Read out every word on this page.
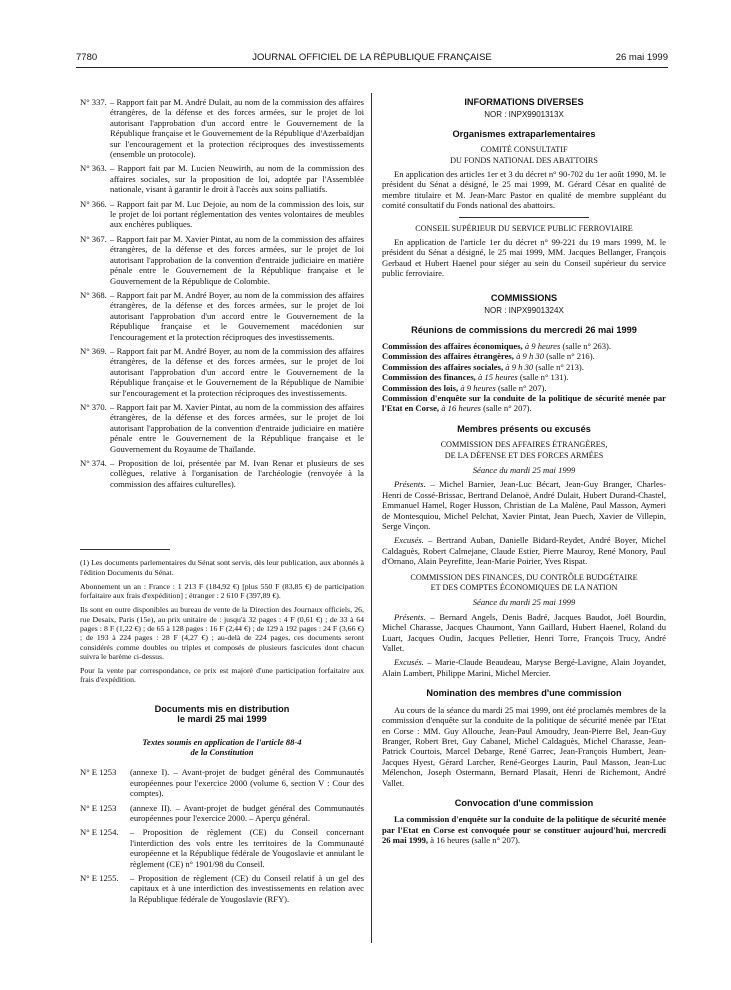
7780	JOURNAL OFFICIEL DE LA RÉPUBLIQUE FRANÇAISE	26 mai 1999
N° 337. – Rapport fait par M. André Dulait, au nom de la commission des affaires étrangères, de la défense et des forces armées, sur le projet de loi autorisant l'approbation d'un accord entre le Gouvernement de la République française et le Gouvernement de la République d'Azerbaïdjan sur l'encouragement et la protection réciproques des investissements (ensemble un protocole).
N° 363. – Rapport fait par M. Lucien Neuwirth, au nom de la commission des affaires sociales, sur la proposition de loi, adoptée par l'Assemblée nationale, visant à garantir le droit à l'accès aux soins palliatifs.
N° 366. – Rapport fait par M. Luc Dejoie, au nom de la commission des lois, sur le projet de loi portant réglementation des ventes volontaires de meubles aux enchères publiques.
N° 367. – Rapport fait par M. Xavier Pintat, au nom de la commission des affaires étrangères, de la défense et des forces armées, sur le projet de loi autorisant l'approbation de la convention d'entraide judiciaire en matière pénale entre le Gouvernement de la République française et le Gouvernement de la République de Colombie.
N° 368. – Rapport fait par M. André Boyer, au nom de la commission des affaires étrangères, de la défense et des forces armées, sur le projet de loi autorisant l'approbation d'un accord entre le Gouvernement de la République française et le Gouvernement macédonien sur l'encouragement et la protection réciproques des investissements.
N° 369. – Rapport fait par M. André Boyer, au nom de la commission des affaires étrangères, de la défense et des forces armées, sur le projet de loi autorisant l'approbation d'un accord entre le Gouvernement de la République française et le Gouvernement de la République de Namibie sur l'encouragement et la protection réciproques des investissements.
N° 370. – Rapport fait par M. Xavier Pintat, au nom de la commission des affaires étrangères, de la défense et des forces armées, sur le projet de loi autorisant l'approbation de la convention d'entraide judiciaire en matière pénale entre le Gouvernement de la République française et le Gouvernement du Royaume de Thaïlande.
N° 374. – Proposition de loi, présentée par M. Ivan Renar et plusieurs de ses collègues, relative à l'organisation de l'archéologie (renvoyée à la commission des affaires culturelles).
(1) Les documents parlementaires du Sénat sont servis, dès leur publication, aux abonnés à l'édition Documents du Sénat.
Abonnement un an : France : 1 213 F (184,92 €) [plus 550 F (83,85 €) de participation forfaitaire aux frais d'expédition] ; étranger : 2 610 F (397,89 €).
Ils sont en outre disponibles au bureau de vente de la Direction des Journaux officiels, 26, rue Desaix, Paris (15e), au prix unitaire de : jusqu'à 32 pages : 4 F (0,61 €) ; de 33 à 64 pages : 8 F (1,22 €) ; de 65 à 128 pages : 16 F (2,44 €) ; de 129 à 192 pages : 24 F (3,66 €) ; de 193 à 224 pages : 28 F (4,27 €) ; au-delà de 224 pages, ces documents seront considérés comme doubles ou triples et composés de plusieurs fascicules dont chacun suivra le barème ci-dessus.
Pour la vente par correspondance, ce prix est majoré d'une participation forfaitaire aux frais d'expédition.
Documents mis en distribution
le mardi 25 mai 1999
Textes soumis en application de l'article 88-4
de la Constitution
N° E 1253 (annexe I). – Avant-projet de budget général des Communautés européennes pour l'exercice 2000 (volume 6, section V : Cour des comptes).
N° E 1253 (annexe II). – Avant-projet de budget général des Communautés européennes pour l'exercice 2000. – Aperçu général.
N° E 1254. – Proposition de règlement (CE) du Conseil concernant l'interdiction des vols entre les territoires de la Communauté européenne et la République fédérale de Yougoslavie et annulant le règlement (CE) n° 1901/98 du Conseil.
N° E 1255. – Proposition de règlement (CE) du Conseil relatif à un gel des capitaux et à une interdiction des investissements en relation avec la République fédérale de Yougoslavie (RFY).
INFORMATIONS DIVERSES
NOR : INPX9901313X
Organismes extraparlementaires
COMITÉ CONSULTATIF
DU FONDS NATIONAL DES ABATTOIRS

En application des articles 1er et 3 du décret n° 90-702 du 1er août 1990, M. le président du Sénat a désigné, le 25 mai 1999, M. Gérard César en qualité de membre titulaire et M. Jean-Marc Pastor en qualité de membre suppléant du comité consultatif du Fonds national des abattoirs.

CONSEIL SUPÉRIEUR DU SERVICE PUBLIC FERROVIAIRE

En application de l'article 1er du décret n° 99-221 du 19 mars 1999, M. le président du Sénat a désigné, le 25 mai 1999, MM. Jacques Bellanger, François Gerbaud et Hubert Haenel pour siéger au sein du Conseil supérieur du service public ferroviaire.

COMMISSIONS
NOR : INPX9901324X
Réunions de commissions du mercredi 26 mai 1999

Commission des affaires économiques, à 9 heures (salle n° 263).

Commission des affaires étrangères, à 9 h 30 (salle n° 216).

Commission des affaires sociales, à 9 h 30 (salle n° 213).

Commission des finances, à 15 heures (salle n° 131).

Commission des lois, à 9 heures (salle n° 207).

Commission d'enquête sur la conduite de la politique de sécurité menée par l'Etat en Corse, à 16 heures (salle n° 207).

Membres présents ou excusés
COMMISSION DES AFFAIRES ÉTRANGÈRES,
DE LA DÉFENSE ET DES FORCES ARMÉES
Séance du mardi 25 mai 1999

Présents. – Michel Barnier, Jean-Luc Bécart, Jean-Guy Branger, Charles-Henri de Cossé-Brissac, Bertrand Delanoë, André Dulait, Hubert Durand-Chastel, Emmanuel Hamel, Roger Husson, Christian de La Malène, Paul Masson, Aymeri de Montesquiou, Michel Pelchat, Xavier Pintat, Jean Puech, Xavier de Villepin, Serge Vinçon.

Excusés. – Bertrand Auban, Danielle Bidard-Reydet, André Boyer, Michel Caldaguès, Robert Calmejane, Claude Estier, Pierre Mauroy, René Monory, Paul d'Ornano, Alain Peyrefitte, Jean-Marie Poirier, Yves Rispat.

COMMISSION DES FINANCES, DU CONTRÔLE BUDGÉTAIRE
ET DES COMPTES ÉCONOMIQUES DE LA NATION
Séance du mardi 25 mai 1999

Présents. – Bernard Angels, Denis Badré, Jacques Baudot, Joël Bourdin, Michel Charasse, Jacques Chaumont, Yann Gaillard, Hubert Haenel, Roland du Luart, Jacques Oudin, Jacques Pelletier, Henri Torre, François Trucy, André Vallet.

Excusés. – Marie-Claude Beaudeau, Maryse Bergé-Lavigne, Alain Joyandet, Alain Lambert, Philippe Marini, Michel Mercier.

Nomination des membres d'une commission

Au cours de la séance du mardi 25 mai 1999, ont été proclamés membres de la commission d'enquête sur la conduite de la politique de sécurité menée par l'Etat en Corse : MM. Guy Allouche, Jean-Paul Amoudry, Jean-Pierre Bel, Jean-Guy Branger, Robert Bret, Guy Cabanel, Michel Caldaguès, Michel Charasse, Jean-Patrick Courtois, Marcel Debarge, René Garrec, Jean-François Humbert, Jean-Jacques Hyest, Gérard Larcher, René-Georges Laurin, Paul Masson, Jean-Luc Mélenchon, Joseph Ostermann, Bernard Plasait, Henri de Richemont, André Vallet.

Convocation d'une commission

La commission d'enquête sur la conduite de la politique de sécurité menée par l'Etat en Corse est convoquée pour se constituer aujourd'hui, mercredi 26 mai 1999, à 16 heures (salle n° 207).
